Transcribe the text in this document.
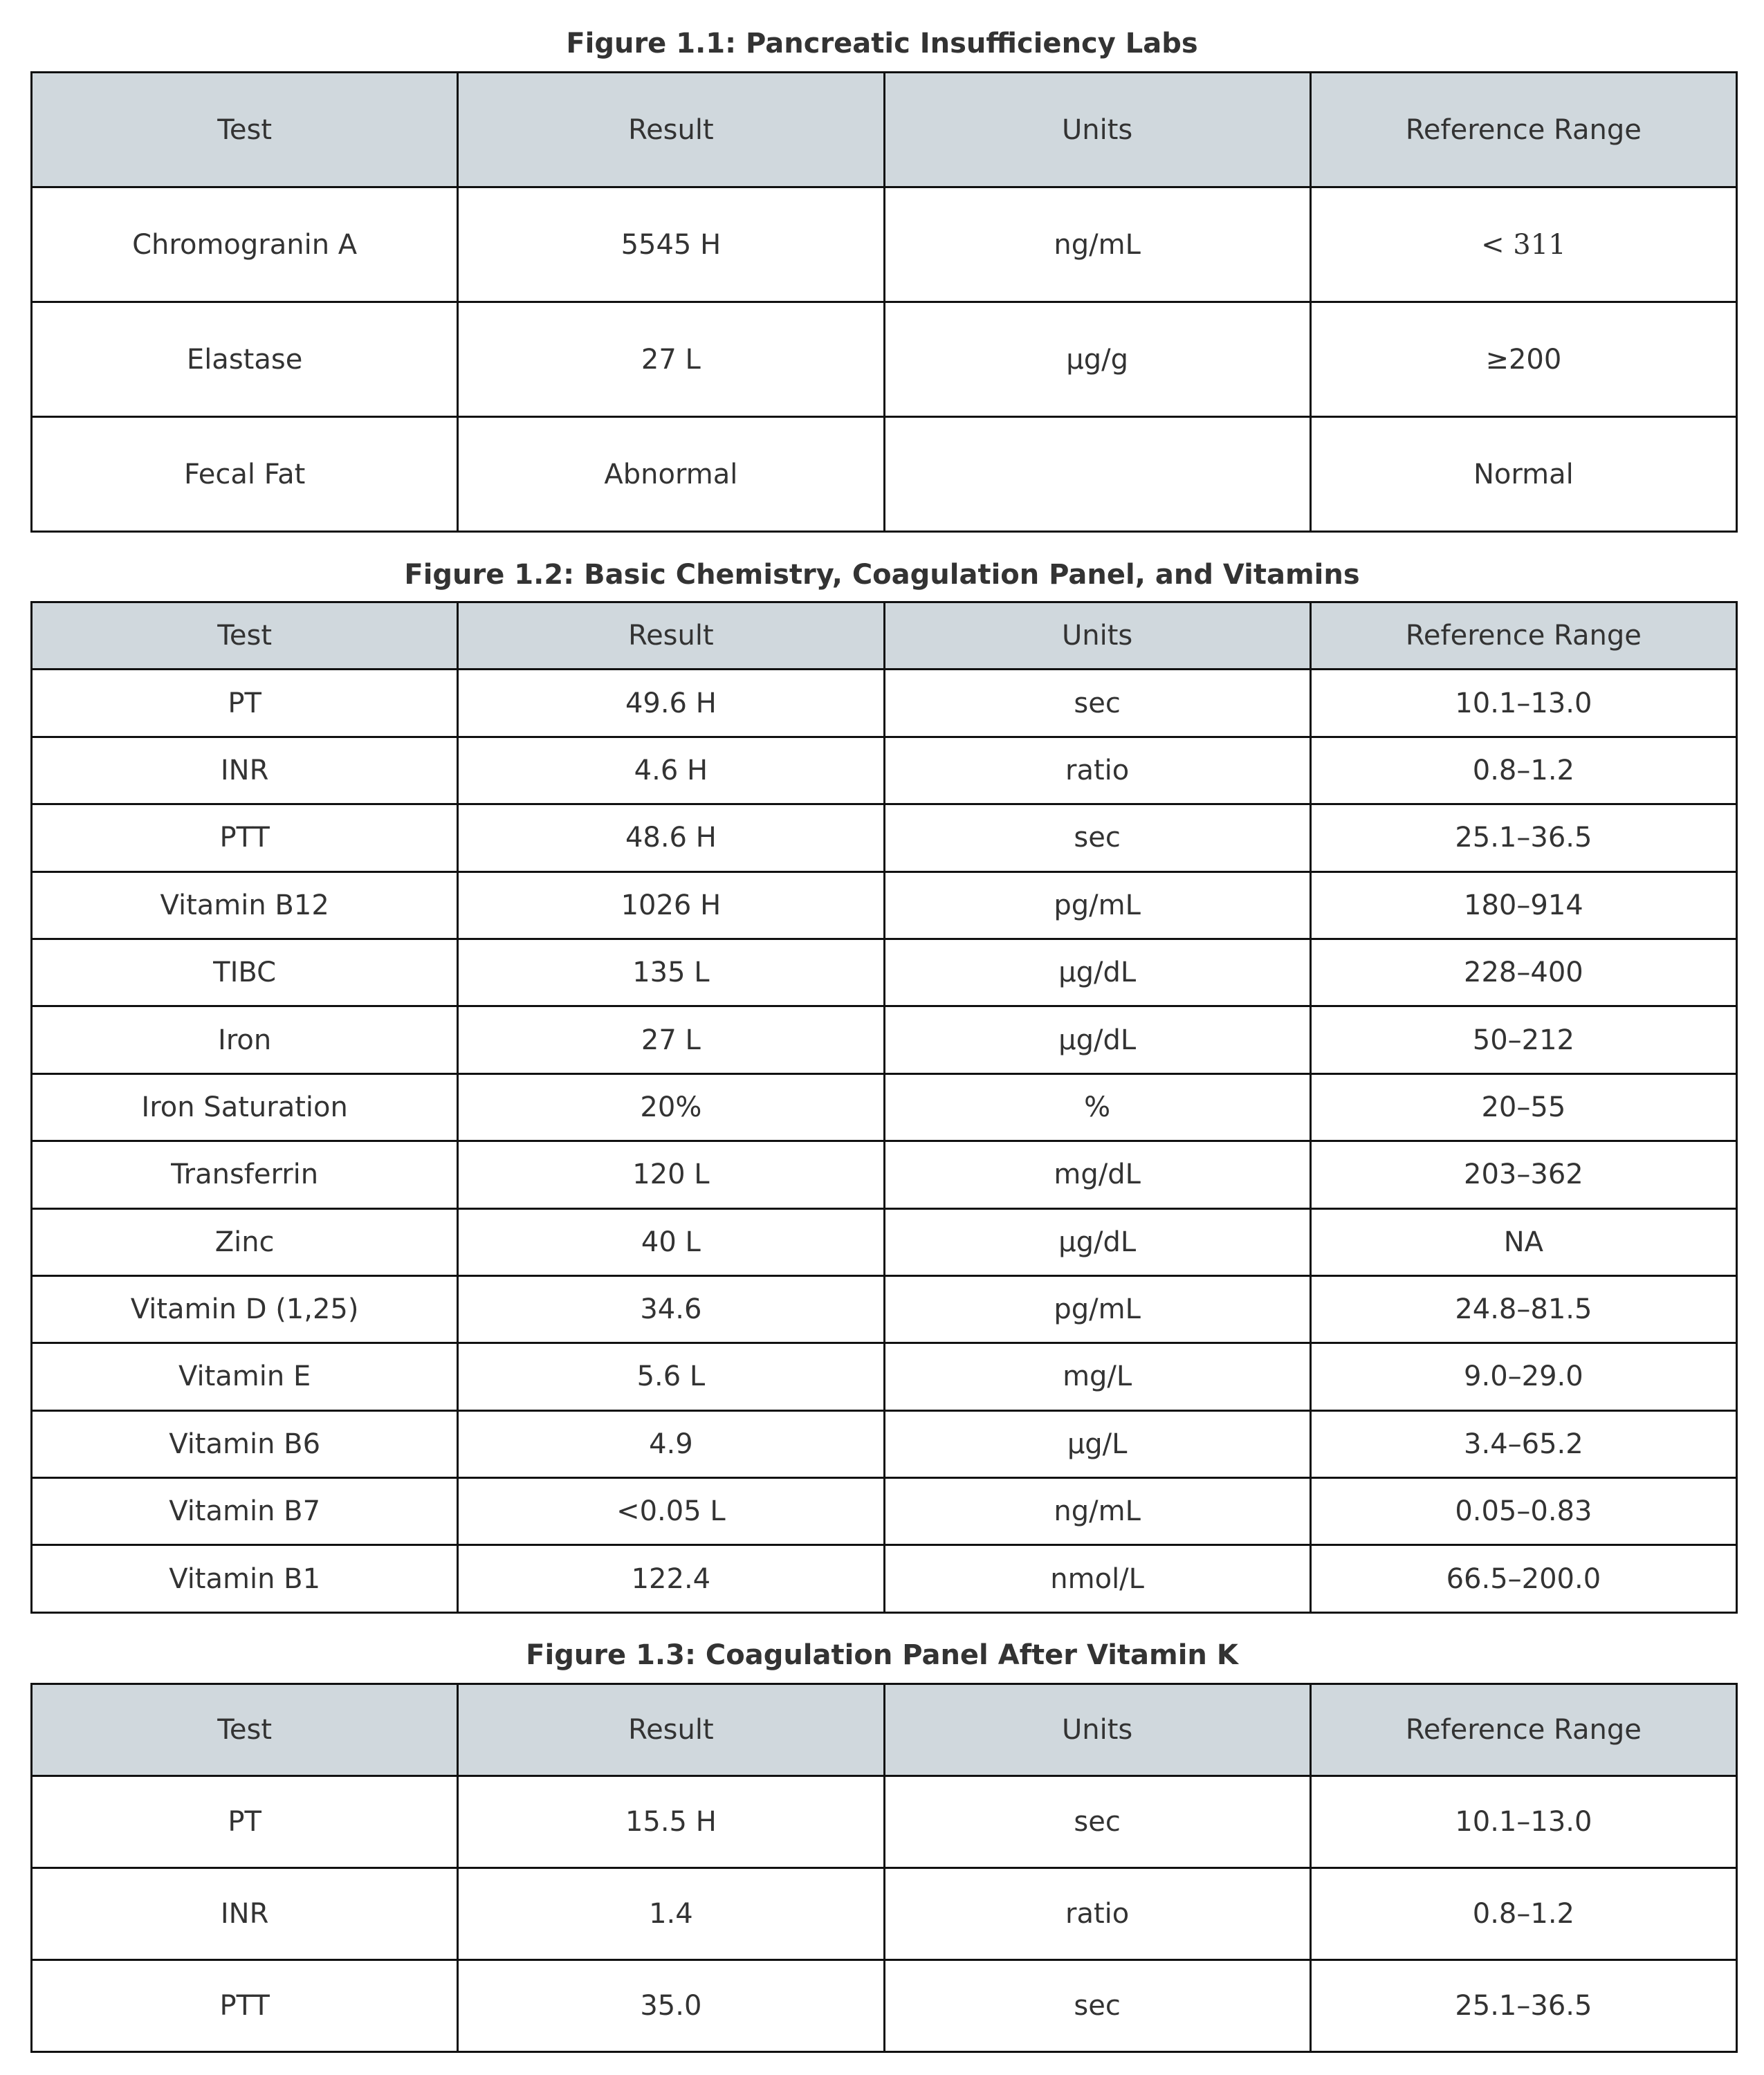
Figure 1.1: Pancreatic Insufficiency Labs
Test	Result	Units	Reference Range
Chromogranin A	5545 H	ng/mL	< 311
Elastase	27 L	µg/g	≥200
Fecal Fat	Abnormal		Normal
Figure 1.2: Basic Chemistry, Coagulation Panel, and Vitamins
Test	Result	Units	Reference Range
PT	49.6 H	sec	10.1–13.0
INR	4.6 H	ratio	0.8–1.2
PTT	48.6 H	sec	25.1–36.5
Vitamin B12	1026 H	pg/mL	180–914
TIBC	135 L	µg/dL	228–400
Iron	27 L	µg/dL	50–212
Iron Saturation	20%	%	20–55
Transferrin	120 L	mg/dL	203–362
Zinc	40 L	µg/dL	NA
Vitamin D (1,25)	34.6	pg/mL	24.8–81.5
Vitamin E	5.6 L	mg/L	9.0–29.0
Vitamin B6	4.9	µg/L	3.4–65.2
Vitamin B7	<0.05 L	ng/mL	0.05–0.83
Vitamin B1	122.4	nmol/L	66.5–200.0
Figure 1.3: Coagulation Panel After Vitamin K
Test	Result	Units	Reference Range
PT	15.5 H	sec	10.1–13.0
INR	1.4	ratio	0.8–1.2
PTT	35.0	sec	25.1–36.5
